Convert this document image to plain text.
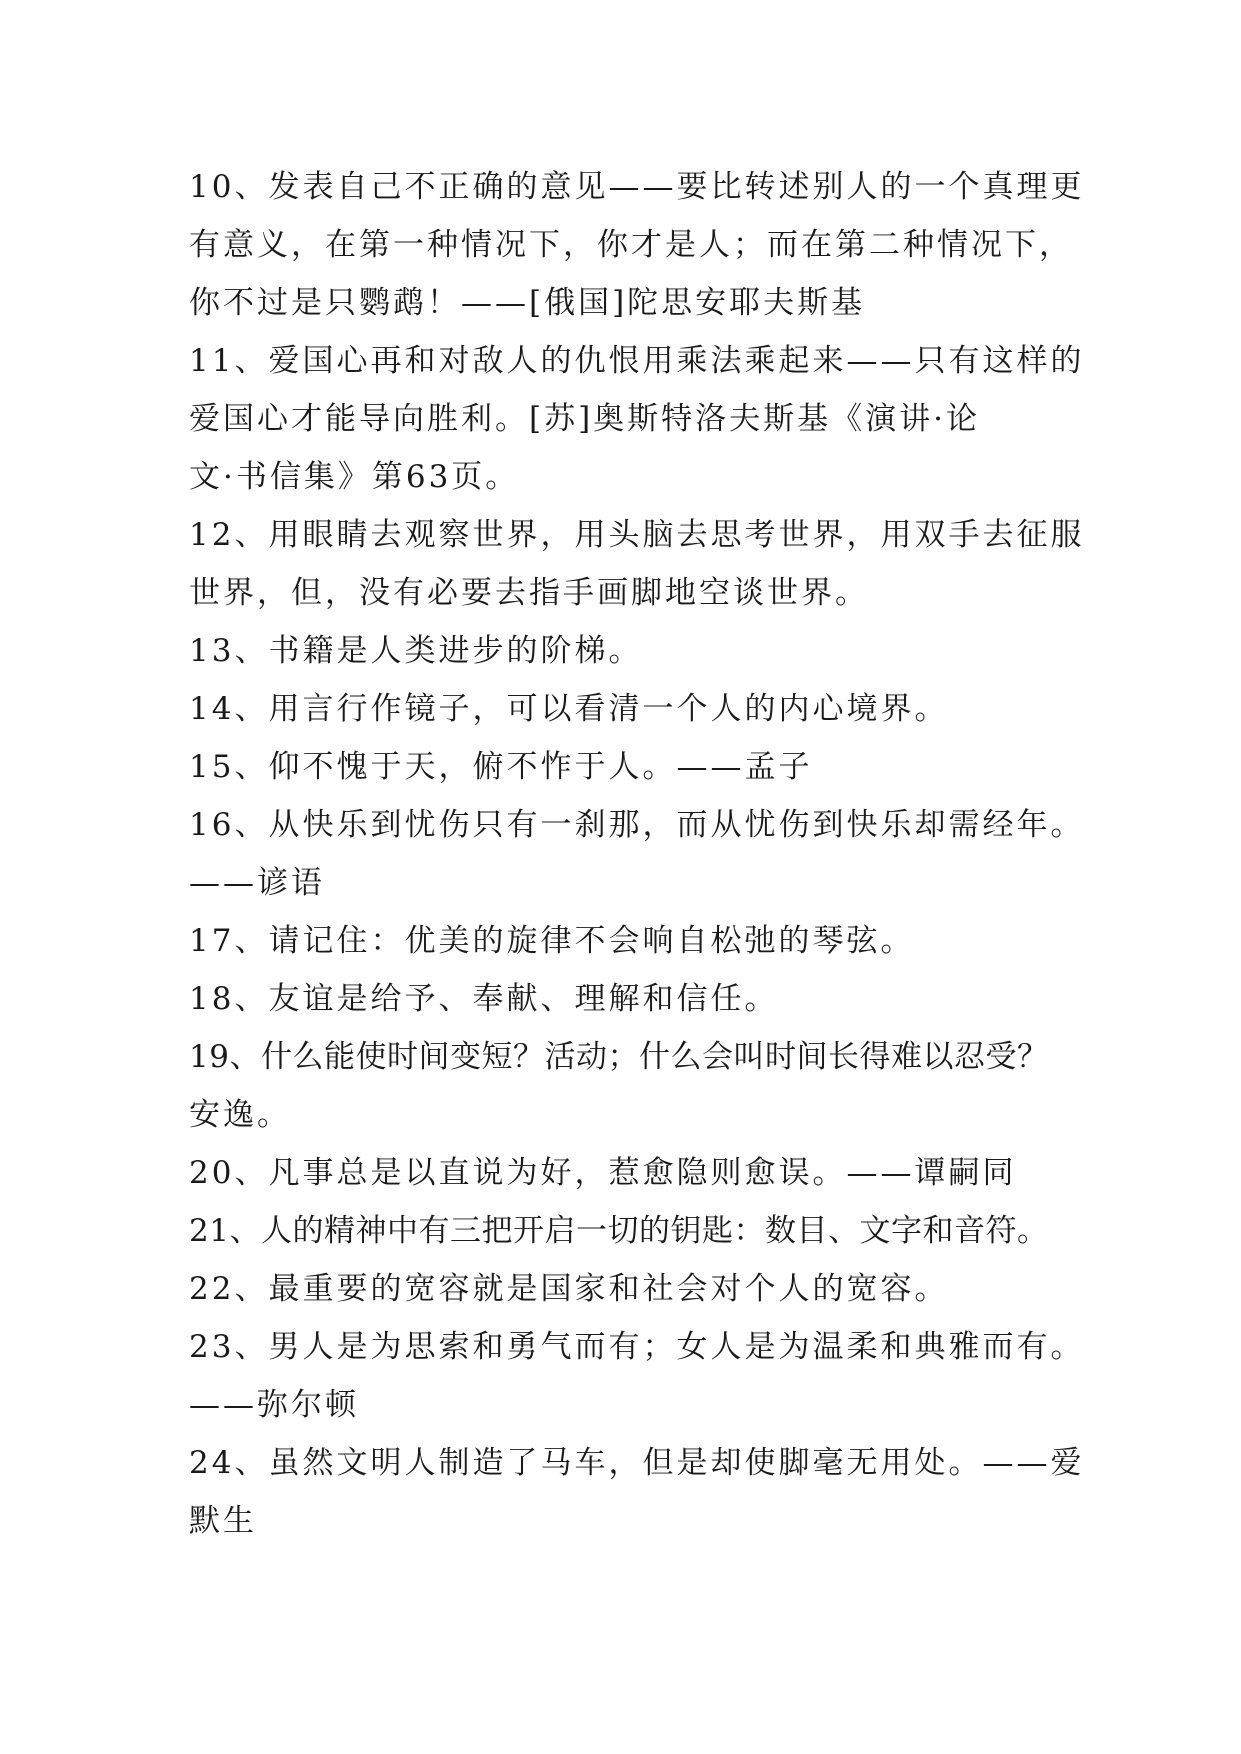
10、发表自己不正确的意见——要比转述别人的一个真理更
有意义，在第一种情况下，你才是人；而在第二种情况下，
你不过是只鹦鹉！——[俄国]陀思安耶夫斯基
11、爱国心再和对敌人的仇恨用乘法乘起来——只有这样的
爱国心才能导向胜利。[苏]奥斯特洛夫斯基《演讲·论
文·书信集》第63页。
12、用眼睛去观察世界，用头脑去思考世界，用双手去征服
世界，但，没有必要去指手画脚地空谈世界。
13、书籍是人类进步的阶梯。
14、用言行作镜子，可以看清一个人的内心境界。
15、仰不愧于天，俯不怍于人。——孟子
16、从快乐到忧伤只有一刹那，而从忧伤到快乐却需经年。
——谚语
17、请记住：优美的旋律不会响自松弛的琴弦。
18、友谊是给予、奉献、理解和信任。
19、什么能使时间变短？活动；什么会叫时间长得难以忍受？
安逸。
20、凡事总是以直说为好，惹愈隐则愈误。——谭嗣同
21、人的精神中有三把开启一切的钥匙：数目、文字和音符。
22、最重要的宽容就是国家和社会对个人的宽容。
23、男人是为思索和勇气而有；女人是为温柔和典雅而有。
——弥尔顿
24、虽然文明人制造了马车，但是却使脚毫无用处。——爱
默生
